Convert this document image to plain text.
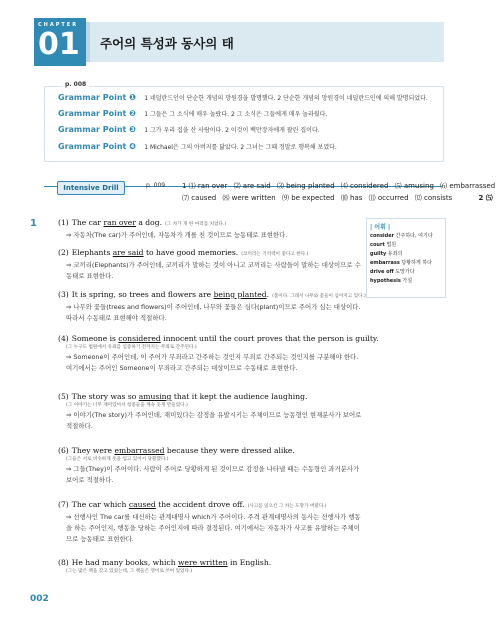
CHAPTER
01 주어의 특성과 동사의 태
p. 008
Grammar Point ❶ 1 네덜란드인이 단순한 개념의 망원경을 발명했다. 2 단순한 개념의 망원경이 네덜란드인에 의해 발명되었다.
Grammar Point ❷ 1 그들은 그 소식에 매우 놀랐다. 2 그 소식은 그들에게 매우 놀라웠다.
Grammar Point ❸ 1 그가 우리 집을 산 사람이다. 2 이것이 백만장자에게 팔린 집이다.
Grammar Point ❹ 1 Michael은 그의 아버지를 닮았다. 2 그녀는 그때 정말로 행복해 보였다.
Intensive Drill	p. 009 1 ⑴ ran over ⑵ are said ⑶ being planted ⑷ considered ⑸ amusing ⑹ embarrassed
⑺ caused ⑻ were written ⑼ be expected ⑽ has ⑾ occurred ⑿ consists	2 ⑸
1	(1) The car ran over a dog. (그 차가 개 한 마리를 치었다.)
⇒ 자동차(The car)가 주어인데, 자동차가 개를 친 것이므로 능동태로 표현한다.
(2) Elephants are said to have good memories. (코끼리는 기억력이 좋다고 한다.)
⇒ 코끼리(Elephants)가 주어인데, 코끼리가 말하는 것이 아니고 코끼리는 사람들이 말하는 대상이므로 수동태로 표현한다.
(3) It is spring, so trees and flowers are being planted. (봄이다. 그래서 나무와 꽃들이 심어지고 있다.)
⇒ 나무와 꽃들(trees and flowers)이 주어인데, 나무와 꽃들은 심다(plant)이므로 주어가 심는 대상이다. 따라서 수동태로 표현해야 적절하다.
(4) Someone is considered innocent until the court proves that the person is guilty.
(그 누구도 법원에서 유죄를 입증하기 전까지는 무죄로 간주된다.)
⇒ Someone이 주어인데, 이 주어가 무죄라고 간주하는 것인지 무죄로 간주되는 것인지를 구분해야 한다. 여기에서는 주어인 Someone이 무죄라고 간주되는 대상이므로 수동태로 표현한다.
(5) The story was so amusing that it kept the audience laughing.
(그 이야기는 너무 재미있어서 청중들을 계속 웃게 만들었다.)
⇒ 이야기(The story)가 주어인데, 재미있다는 감정을 유발시키는 주체이므로 능동형인 현재분사가 보어로 적절하다.
(6) They were embarrassed because they were dressed alike.
(그들은 서로 비슷하게 옷을 입고 있어서 당황했다.)
⇒ 그들(They)이 주어이다. 사람이 주어로 당황하게 된 것이므로 감정을 나타낼 때는 수동형인 과거분사가 보어로 적절하다.
(7) The car which caused the accident drove off. (사고를 일으킨 그 차는 도망가 버렸다.)
⇒ 선행사인 The car를 대신하는 관계대명사 which가 주어이다. 주격 관계대명사의 동사는 선행사가 행동을 하는 주어인지, 행동을 당하는 주어인지에 따라 결정된다. 여기에서는 자동차가 사고를 유발하는 주체이므로 능동태로 표현한다.
(8) He had many books, which were written in English.
(그는 많은 책을 갖고 있었는데, 그 책들은 영어로 쓰여 있었다.)
| 어휘 |
consider 간주하다, 여기다
court 법원
guilty 유죄의
embarrass 당황하게 하다
drive off 도망가다
hypothesis 가설
002
